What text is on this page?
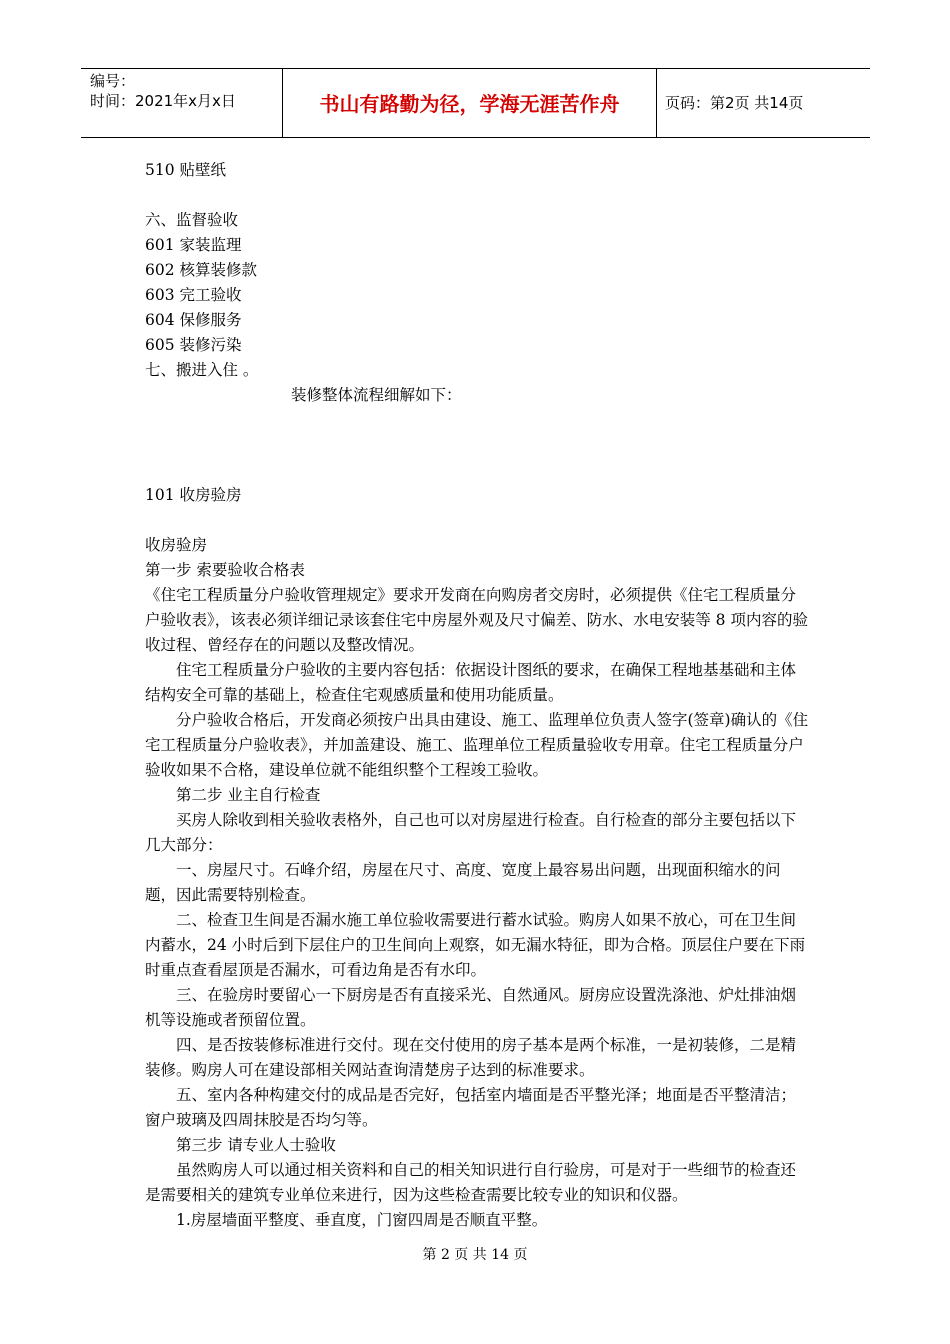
编号：
时间：2021年x月x日	书山有路勤为径，学海无涯苦作舟	页码：第2页 共14页

510 贴壁纸

六、监督验收

601 家装监理

602 核算装修款

603 完工验收

604 保修服务

605 装修污染

七、搬进入住 。

装修整体流程细解如下：

101 收房验房

收房验房

第一步 索要验收合格表

《住宅工程质量分户验收管理规定》要求开发商在向购房者交房时，必须提供《住宅工程质量分户验收表》，该表必须详细记录该套住宅中房屋外观及尺寸偏差、防水、水电安装等 8 项内容的验收过程、曾经存在的问题以及整改情况。

住宅工程质量分户验收的主要内容包括：依据设计图纸的要求，在确保工程地基基础和主体结构安全可靠的基础上，检查住宅观感质量和使用功能质量。

分户验收合格后，开发商必须按户出具由建设、施工、监理单位负责人签字(签章)确认的《住宅工程质量分户验收表》，并加盖建设、施工、监理单位工程质量验收专用章。住宅工程质量分户验收如果不合格，建设单位就不能组织整个工程竣工验收。

第二步 业主自行检查

买房人除收到相关验收表格外，自己也可以对房屋进行检查。自行检查的部分主要包括以下几大部分：

一、房屋尺寸。石峰介绍，房屋在尺寸、高度、宽度上最容易出问题，出现面积缩水的问题，因此需要特别检查。

二、检查卫生间是否漏水施工单位验收需要进行蓄水试验。购房人如果不放心，可在卫生间内蓄水，24 小时后到下层住户的卫生间向上观察，如无漏水特征，即为合格。顶层住户要在下雨时重点查看屋顶是否漏水，可看边角是否有水印。

三、在验房时要留心一下厨房是否有直接采光、自然通风。厨房应设置洗涤池、炉灶排油烟机等设施或者预留位置。

四、是否按装修标准进行交付。现在交付使用的房子基本是两个标准，一是初装修，二是精装修。购房人可在建设部相关网站查询清楚房子达到的标准要求。

五、室内各种构建交付的成品是否完好，包括室内墙面是否平整光泽；地面是否平整清洁；窗户玻璃及四周抹胶是否均匀等。

第三步 请专业人士验收

虽然购房人可以通过相关资料和自己的相关知识进行自行验房，可是对于一些细节的检查还是需要相关的建筑专业单位来进行，因为这些检查需要比较专业的知识和仪器。

1.房屋墙面平整度、垂直度，门窗四周是否顺直平整。

第 2 页 共 14 页
